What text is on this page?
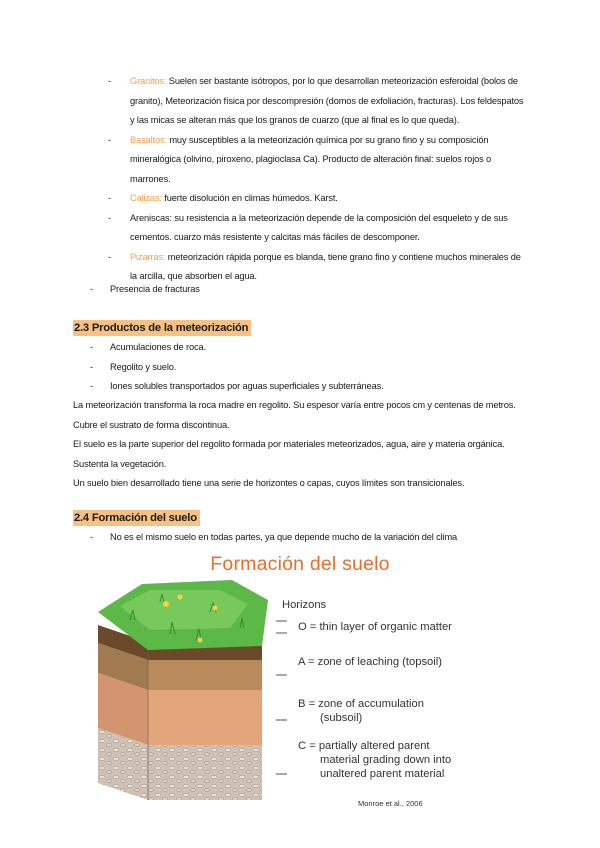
- Granitos: Suelen ser bastante isótropos, por lo que desarrollan meteorización esferoidal (bolos de
granito), Meteorización física por descompresión (domos de exfoliación, fracturas). Los feldespatos
y las micas se alteran más que los granos de cuarzo (que al final es lo que queda).
- Basaltos: muy susceptibles a la meteorización química por su grano fino y su composición
mineralógica (olivino, piroxeno, plagioclasa Ca). Producto de alteración final: suelos rojos o
marrones.
- Calizas: fuerte disolución en climas húmedos. Karst.
- Areniscas: su resistencia a la meteorización depende de la composición del esqueleto y de sus
cementos. cuarzo más resistente y calcitas más fáciles de descomponer.
- Pizarras: meteorización rápida porque es blanda, tiene grano fino y contiene muchos minerales de
la arcilla, que absorben el agua.
- Presencia de fracturas
2.3 Productos de la meteorización
- Acumulaciones de roca.
- Regolito y suelo.
- Iones solubles transportados por aguas superficiales y subterráneas.

La meteorización transforma la roca madre en regolito. Su espesor varía entre pocos cm y centenas de metros.

Cubre el sustrato de forma discontinua.

El suelo es la parte superior del regolito formada por materiales meteorizados, agua, aire y materia orgánica.

Sustenta la vegetación.

Un suelo bien desarrollado tiene una serie de horizontes o capas, cuyos límites son transicionales.

2.4 Formación del suelo
- No es el mismo suelo en todas partes, ya que depende mucho de la variación del clima
Formación del suelo
Horizons
O = thin layer of organic matter
A = zone of leaching (topsoil)
B = zone of accumulation
(subsoil)
C = partially altered parent
material grading down into
unaltered parent material
Monroe et al., 2006
